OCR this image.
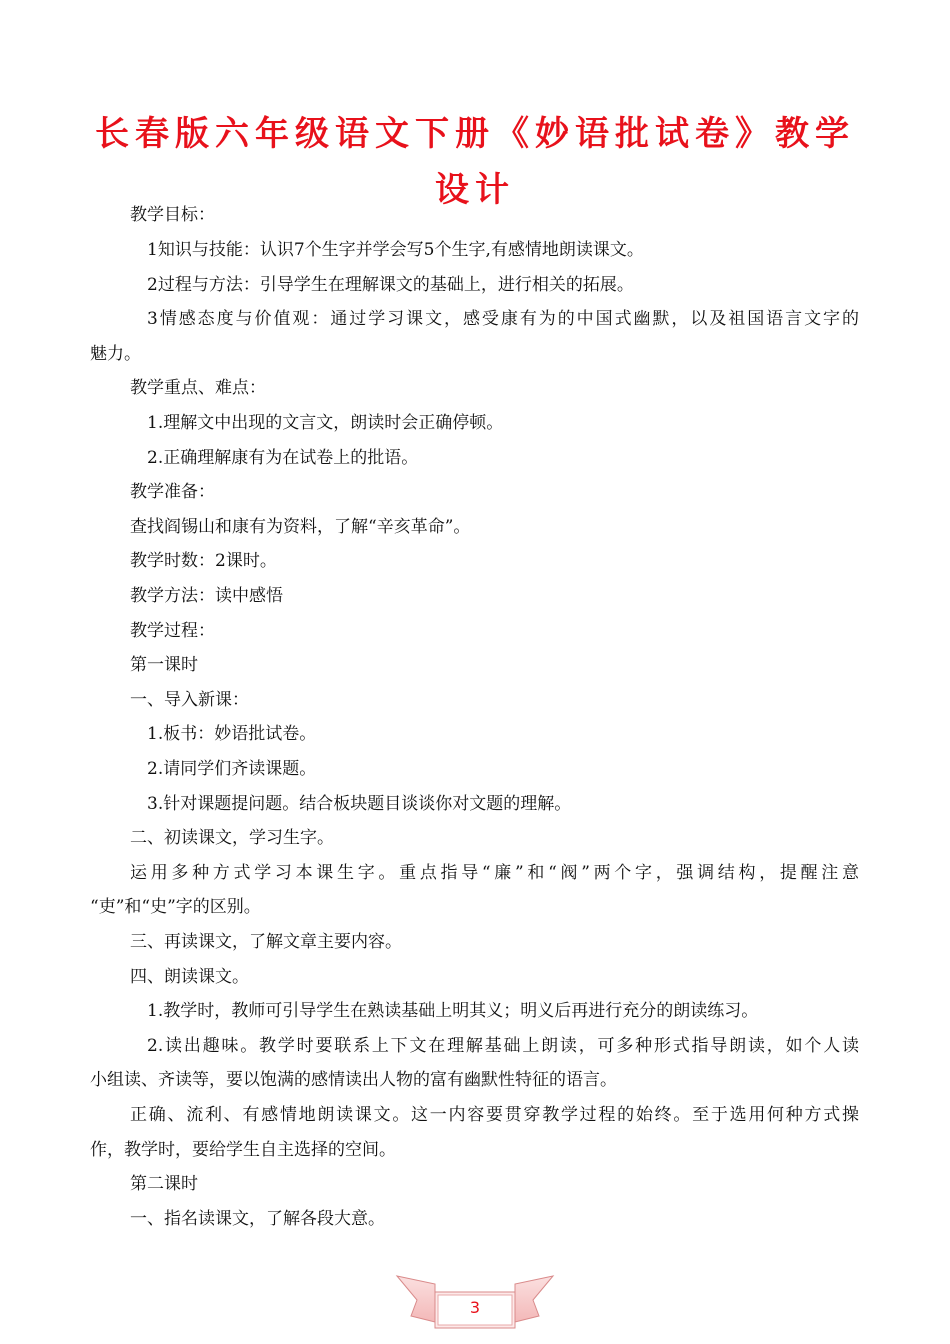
长春版六年级语文下册《妙语批试卷》教学设计
教学目标：
1知识与技能：认识7个生字并学会写5个生字,有感情地朗读课文。
2过程与方法：引导学生在理解课文的基础上，进行相关的拓展。
3情感态度与价值观：通过学习课文，感受康有为的中国式幽默，以及祖国语言文字的
魅力。
教学重点、难点：
1.理解文中出现的文言文，朗读时会正确停顿。
2.正确理解康有为在试卷上的批语。
教学准备：
查找阎锡山和康有为资料，了解“辛亥革命”。
教学时数：2课时。
教学方法：读中感悟
教学过程：
第一课时
一、导入新课：
1.板书：妙语批试卷。
2.请同学们齐读课题。
3.针对课题提问题。结合板块题目谈谈你对文题的理解。
二、初读课文，学习生字。
运用多种方式学习本课生字。重点指导“廉”和“阀”两个字，强调结构，提醒注意
“吏”和“史”字的区别。
三、再读课文，了解文章主要内容。
四、朗读课文。
1.教学时，教师可引导学生在熟读基础上明其义；明义后再进行充分的朗读练习。
2.读出趣味。教学时要联系上下文在理解基础上朗读，可多种形式指导朗读，如个人读
小组读、齐读等，要以饱满的感情读出人物的富有幽默性特征的语言。
正确、流利、有感情地朗读课文。这一内容要贯穿教学过程的始终。至于选用何种方式操
作，教学时，要给学生自主选择的空间。
第二课时
一、指名读课文，了解各段大意。
3
